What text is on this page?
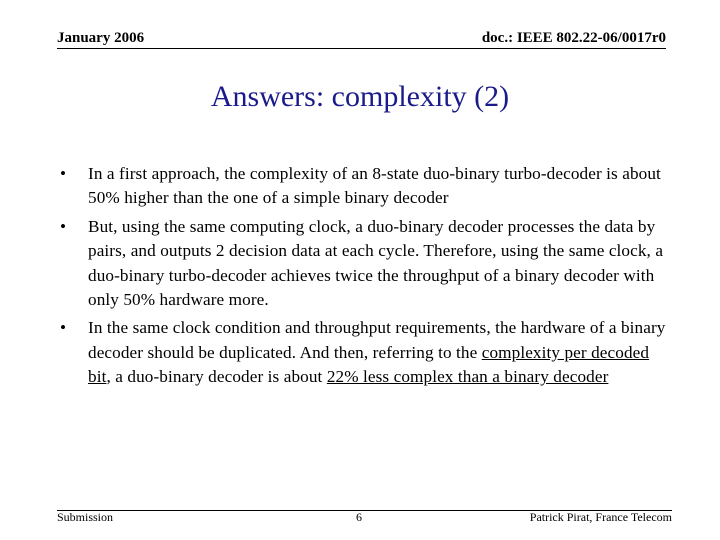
January 2006	doc.: IEEE 802.22-06/0017r0
Answers: complexity (2)
• In a first approach, the complexity of an 8-state duo-binary turbo-decoder is about 50% higher than the one of a simple binary decoder
• But, using the same computing clock, a duo-binary decoder processes the data by pairs, and outputs 2 decision data at each cycle. Therefore, using the same clock, a duo-binary turbo-decoder achieves twice the throughput of a binary decoder with only 50% hardware more.
• In the same clock condition and throughput requirements, the hardware of a binary decoder should be duplicated. And then, referring to the complexity per decoded bit, a duo-binary decoder is about 22% less complex than a binary decoder
Submission	6	Patrick Pirat, France Telecom
